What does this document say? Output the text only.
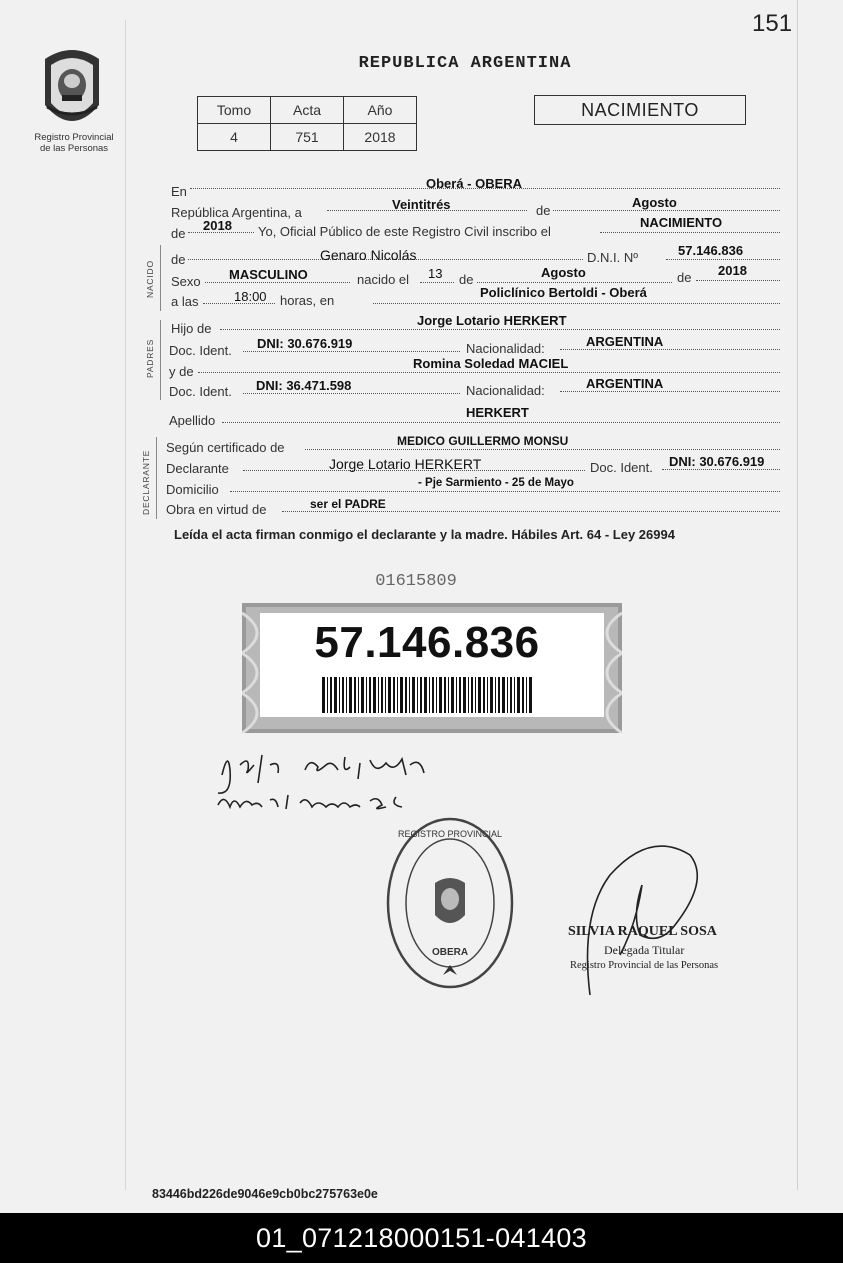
151
Registro Provincial
de las Personas
REPUBLICA ARGENTINA
Tomo	Acta	Año
4	751	2018
NACIMIENTO
En
Oberá - OBERA
República Argentina, a
Veintitrés	de
Agosto
de
2018 Yo, Oficial Público de este Registro Civil inscribo el
NACIMIENTO
NACIDO
de	Genaro Nicolás	D.N.I. Nº	57.146.836
Sexo MASCULINO	nacido el 13 de	Agosto	de 2018
a las	18:00 horas, en
Policlínico Bertoldi - Oberá
PADRES
Hijo de
Jorge Lotario HERKERT
Doc. Ident. DNI: 30.676.919	Nacionalidad:	ARGENTINA
y de
Romina Soledad MACIEL
Doc. Ident. DNI: 36.471.598	Nacionalidad:	ARGENTINA
Apellido
HERKERT
DECLARANTE
Según certificado de	MEDICO GUILLERMO MONSU
Declarante	Jorge Lotario HERKERT	Doc. Ident. DNI: 30.676.919
Domicilio	- Pje Sarmiento - 25 de Mayo
Obra en virtud de	ser el PADRE
Leída el acta firman conmigo el declarante y la madre. Hábiles Art. 64 - Ley 26994
01615809
57.146.836
REGISTRO PROVINCIAL
OBERA
SILVIA RAQUEL SOSA
Delegada Titular
Registro Provincial de las Personas
83446bd226de9046e9cb0bc275763e0e
01_071218000151-041403
